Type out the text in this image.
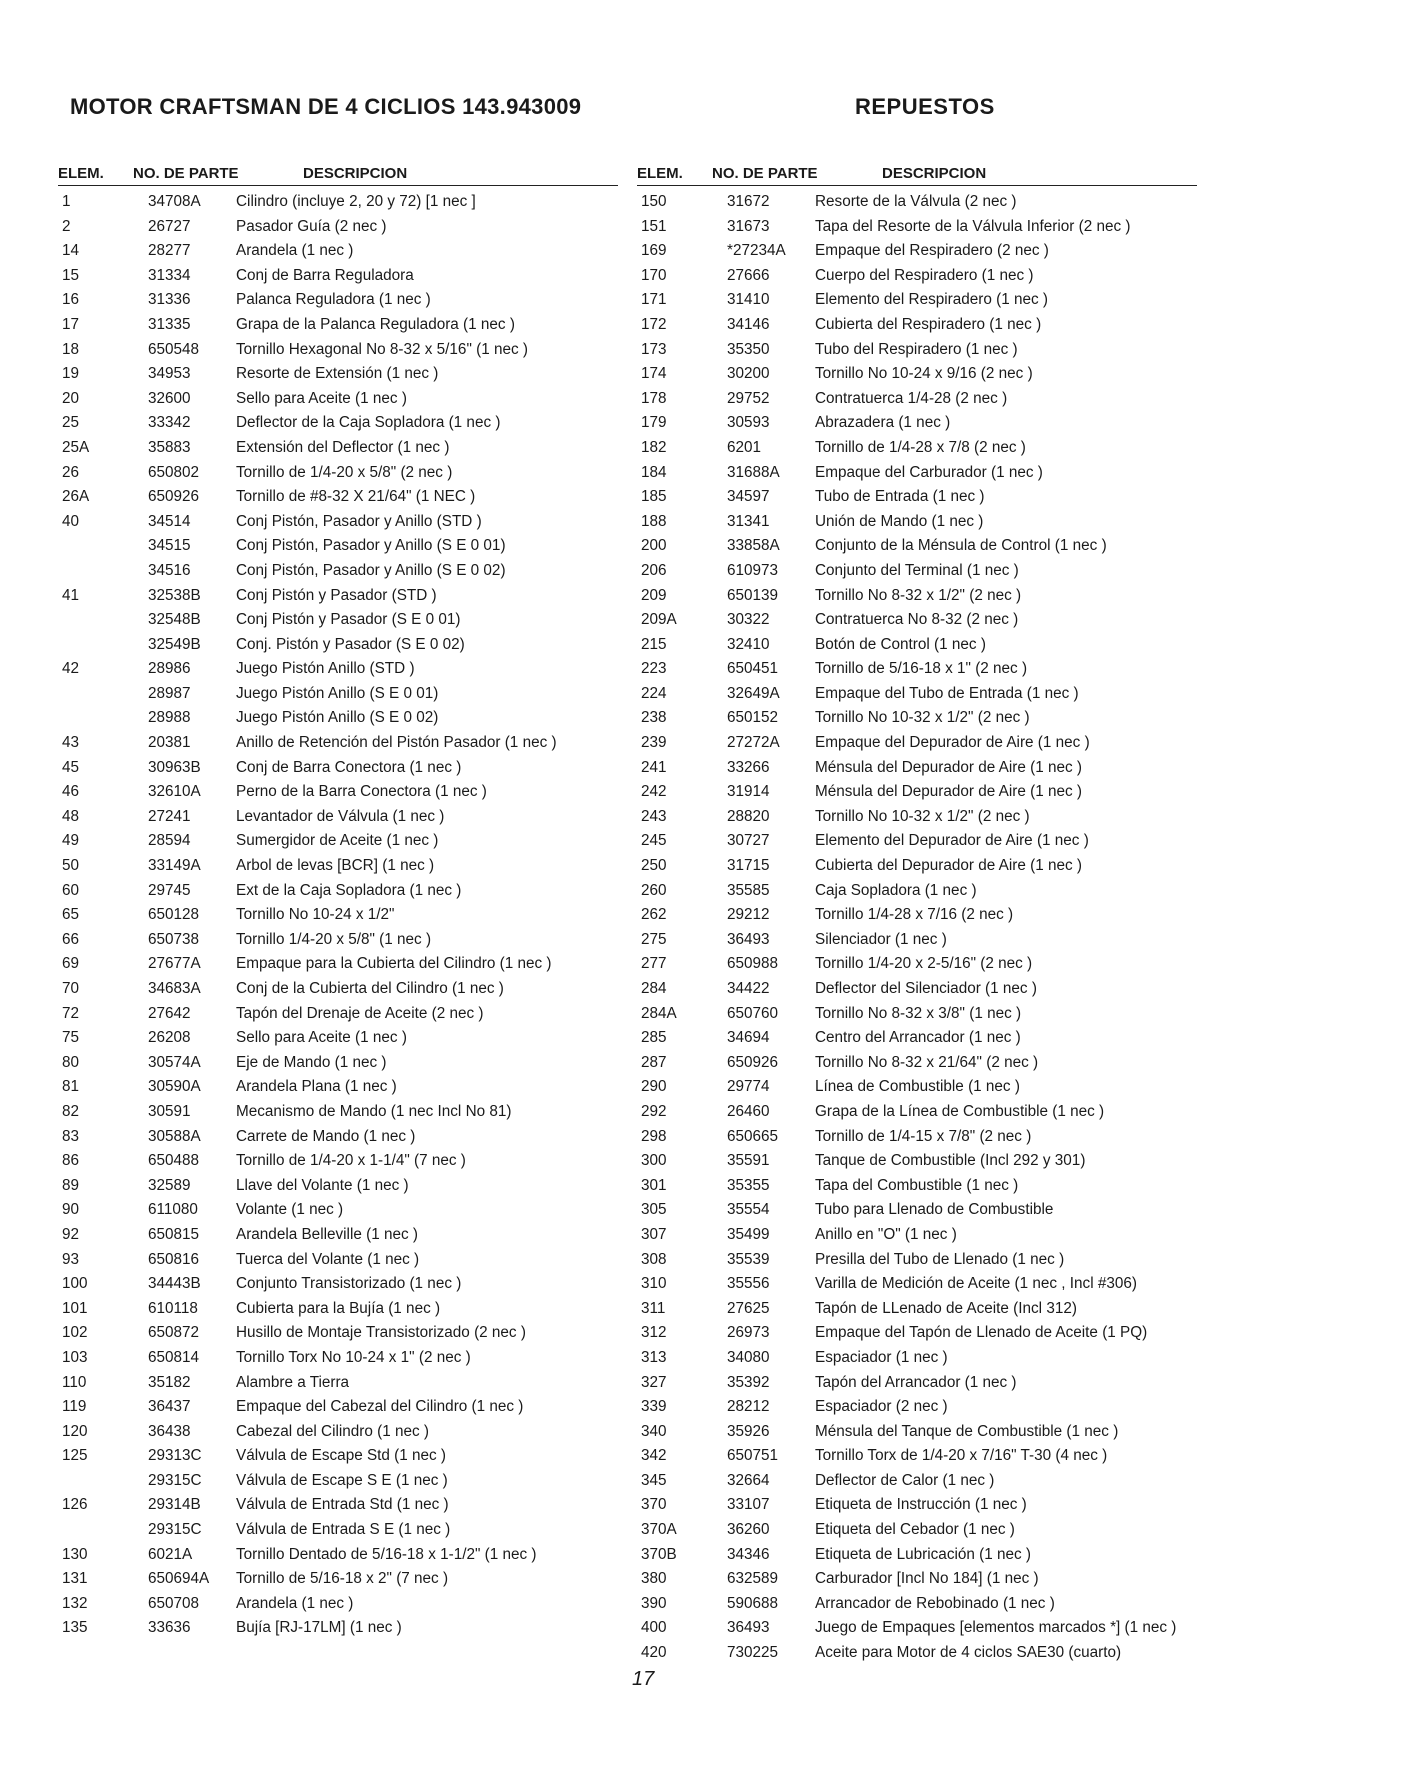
MOTOR CRAFTSMAN DE 4 CICLIOS 143.943009	REPUESTOS
ELEM. NO. DE PARTE	DESCRIPCION
1	34708A Cilindro (incluye 2, 20 y 72) [1 nec ]
2	26727	Pasador Guía (2 nec )
14	28277	Arandela (1 nec )
15	31334	Conj de Barra Reguladora
16	31336	Palanca Reguladora (1 nec )
17	31335	Grapa de la Palanca Reguladora (1 nec )
18	650548 Tornillo Hexagonal No 8-32 x 5/16" (1 nec )
19	34953	Resorte de Extensión (1 nec )
20	32600	Sello para Aceite (1 nec )
25	33342	Deflector de la Caja Sopladora (1 nec )
25A	35883	Extensión del Deflector (1 nec )
26	650802 Tornillo de 1/4-20 x 5/8" (2 nec )
26A	650926 Tornillo de #8-32 X 21/64" (1 NEC )
40	34514	Conj Pistón, Pasador y Anillo (STD )
34515	Conj Pistón, Pasador y Anillo (S E 0 01)
34516	Conj Pistón, Pasador y Anillo (S E 0 02)
41	32538B Conj Pistón y Pasador (STD )
32548B Conj Pistón y Pasador (S E 0 01)
32549B Conj. Pistón y Pasador (S E 0 02)
42	28986	Juego Pistón Anillo (STD )
28987	Juego Pistón Anillo (S E 0 01)
28988	Juego Pistón Anillo (S E 0 02)
43	20381	Anillo de Retención del Pistón Pasador (1 nec )
45	30963B Conj de Barra Conectora (1 nec )
46	32610A Perno de la Barra Conectora (1 nec )
48	27241	Levantador de Válvula (1 nec )
49	28594	Sumergidor de Aceite (1 nec )
50	33149A Arbol de levas [BCR] (1 nec )
60	29745	Ext de la Caja Sopladora (1 nec )
65	650128 Tornillo No 10-24 x 1/2"
66	650738 Tornillo 1/4-20 x 5/8" (1 nec )
69	27677A Empaque para la Cubierta del Cilindro (1 nec )
70	34683A Conj de la Cubierta del Cilindro (1 nec )
72	27642	Tapón del Drenaje de Aceite (2 nec )
75	26208	Sello para Aceite (1 nec )
80	30574A Eje de Mando (1 nec )
81	30590A Arandela Plana (1 nec )
82	30591	Mecanismo de Mando (1 nec Incl No 81)
83	30588A Carrete de Mando (1 nec )
86	650488 Tornillo de 1/4-20 x 1-1/4" (7 nec )
89	32589	Llave del Volante (1 nec )
90	611080 Volante (1 nec )
92	650815 Arandela Belleville (1 nec )
93	650816 Tuerca del Volante (1 nec )
100	34443B Conjunto Transistorizado (1 nec )
101	610118 Cubierta para la Bujía (1 nec )
102	650872 Husillo de Montaje Transistorizado (2 nec )
103	650814 Tornillo Torx No 10-24 x 1" (2 nec )
110	35182	Alambre a Tierra
119	36437	Empaque del Cabezal del Cilindro (1 nec )
120	36438	Cabezal del Cilindro (1 nec )
125	29313C Válvula de Escape Std (1 nec )
29315C Válvula de Escape S E (1 nec )
126	29314B Válvula de Entrada Std (1 nec )
29315C Válvula de Entrada S E (1 nec )
130	6021A	Tornillo Dentado de 5/16-18 x 1-1/2" (1 nec )
131	650694A Tornillo de 5/16-18 x 2" (7 nec )
132	650708 Arandela (1 nec )
135	33636	Bujía [RJ-17LM] (1 nec )
ELEM. NO. DE PARTE	DESCRIPCION
150	31672	Resorte de la Válvula (2 nec )
151	31673	Tapa del Resorte de la Válvula Inferior (2 nec )
169	*27234A Empaque del Respiradero (2 nec )
170	27666	Cuerpo del Respiradero (1 nec )
171	31410	Elemento del Respiradero (1 nec )
172	34146	Cubierta del Respiradero (1 nec )
173	35350	Tubo del Respiradero (1 nec )
174	30200	Tornillo No 10-24 x 9/16 (2 nec )
178	29752	Contratuerca 1/4-28 (2 nec )
179	30593	Abrazadera (1 nec )
182	6201	Tornillo de 1/4-28 x 7/8 (2 nec )
184	31688A Empaque del Carburador (1 nec )
185	34597	Tubo de Entrada (1 nec )
188	31341	Unión de Mando (1 nec )
200	33858A Conjunto de la Ménsula de Control (1 nec )
206	610973 Conjunto del Terminal (1 nec )
209	650139 Tornillo No 8-32 x 1/2" (2 nec )
209A	30322	Contratuerca No 8-32 (2 nec )
215	32410	Botón de Control (1 nec )
223	650451 Tornillo de 5/16-18 x 1" (2 nec )
224	32649A Empaque del Tubo de Entrada (1 nec )
238	650152 Tornillo No 10-32 x 1/2" (2 nec )
239	27272A Empaque del Depurador de Aire (1 nec )
241	33266	Ménsula del Depurador de Aire (1 nec )
242	31914	Ménsula del Depurador de Aire (1 nec )
243	28820	Tornillo No 10-32 x 1/2" (2 nec )
245	30727	Elemento del Depurador de Aire (1 nec )
250	31715	Cubierta del Depurador de Aire (1 nec )
260	35585	Caja Sopladora (1 nec )
262	29212	Tornillo 1/4-28 x 7/16 (2 nec )
275	36493	Silenciador (1 nec )
277	650988 Tornillo 1/4-20 x 2-5/16" (2 nec )
284	34422	Deflector del Silenciador (1 nec )
284A	650760 Tornillo No 8-32 x 3/8" (1 nec )
285	34694	Centro del Arrancador (1 nec )
287	650926 Tornillo No 8-32 x 21/64" (2 nec )
290	29774	Línea de Combustible (1 nec )
292	26460	Grapa de la Línea de Combustible (1 nec )
298	650665 Tornillo de 1/4-15 x 7/8" (2 nec )
300	35591	Tanque de Combustible (Incl 292 y 301)
301	35355	Tapa del Combustible (1 nec )
305	35554	Tubo para Llenado de Combustible
307	35499	Anillo en "O" (1 nec )
308	35539	Presilla del Tubo de Llenado (1 nec )
310	35556	Varilla de Medición de Aceite (1 nec , Incl #306)
311	27625	Tapón de LLenado de Aceite (Incl 312)
312	26973	Empaque del Tapón de Llenado de Aceite (1 PQ)
313	34080	Espaciador (1 nec )
327	35392	Tapón del Arrancador (1 nec )
339	28212	Espaciador (2 nec )
340	35926	Ménsula del Tanque de Combustible (1 nec )
342	650751 Tornillo Torx de 1/4-20 x 7/16" T-30 (4 nec )
345	32664	Deflector de Calor (1 nec )
370	33107	Etiqueta de Instrucción (1 nec )
370A	36260	Etiqueta del Cebador (1 nec )
370B	34346	Etiqueta de Lubricación (1 nec )
380	632589 Carburador [Incl No 184] (1 nec )
390	590688 Arrancador de Rebobinado (1 nec )
400	36493	Juego de Empaques [elementos marcados *] (1 nec )
420	730225 Aceite para Motor de 4 ciclos SAE30 (cuarto)
17
